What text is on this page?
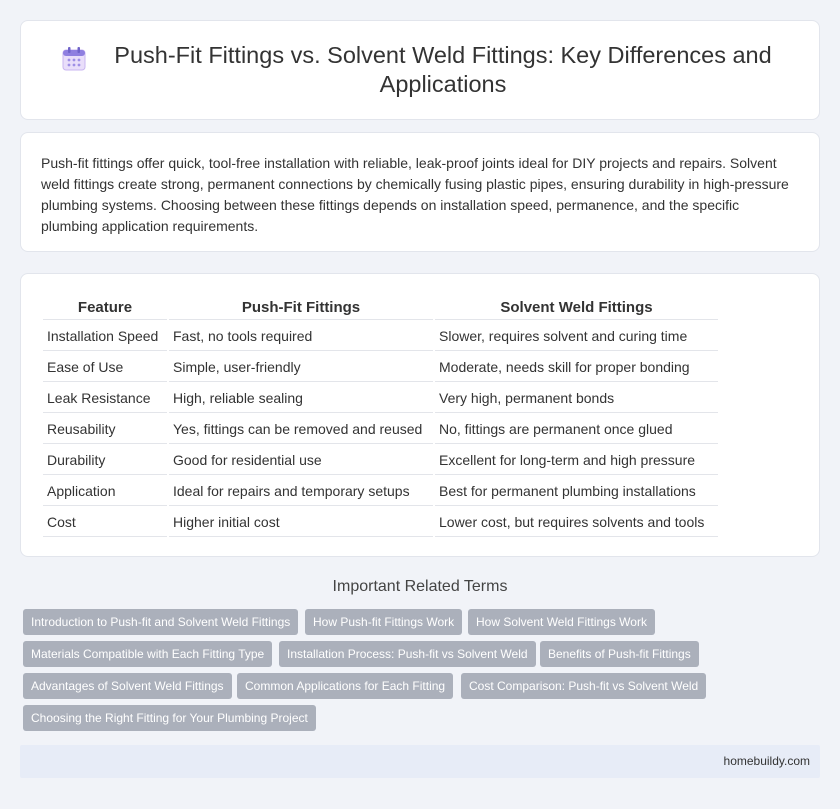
Push-Fit Fittings vs. Solvent Weld Fittings: Key Differences and Applications

Push-fit fittings offer quick, tool-free installation with reliable, leak-proof joints ideal for DIY projects and repairs. Solvent weld fittings create strong, permanent connections by chemically fusing plastic pipes, ensuring durability in high-pressure plumbing systems. Choosing between these fittings depends on installation speed, permanence, and the specific plumbing application requirements.

Feature	Push-Fit Fittings	Solvent Weld Fittings
Installation Speed	Fast, no tools required	Slower, requires solvent and curing time
Ease of Use	Simple, user-friendly	Moderate, needs skill for proper bonding
Leak Resistance	High, reliable sealing	Very high, permanent bonds
Reusability	Yes, fittings can be removed and reused	No, fittings are permanent once glued
Durability	Good for residential use	Excellent for long-term and high pressure
Application	Ideal for repairs and temporary setups	Best for permanent plumbing installations
Cost	Higher initial cost	Lower cost, but requires solvents and tools
Important Related Terms
Introduction to Push-fit and Solvent Weld Fittings	How Push-fit Fittings Work	How Solvent Weld Fittings Work
Materials Compatible with Each Fitting Type	Installation Process: Push-fit vs Solvent Weld	Benefits of Push-fit Fittings
Advantages of Solvent Weld Fittings	Common Applications for Each Fitting	Cost Comparison: Push-fit vs Solvent Weld
Choosing the Right Fitting for Your Plumbing Project
homebuildy.com
